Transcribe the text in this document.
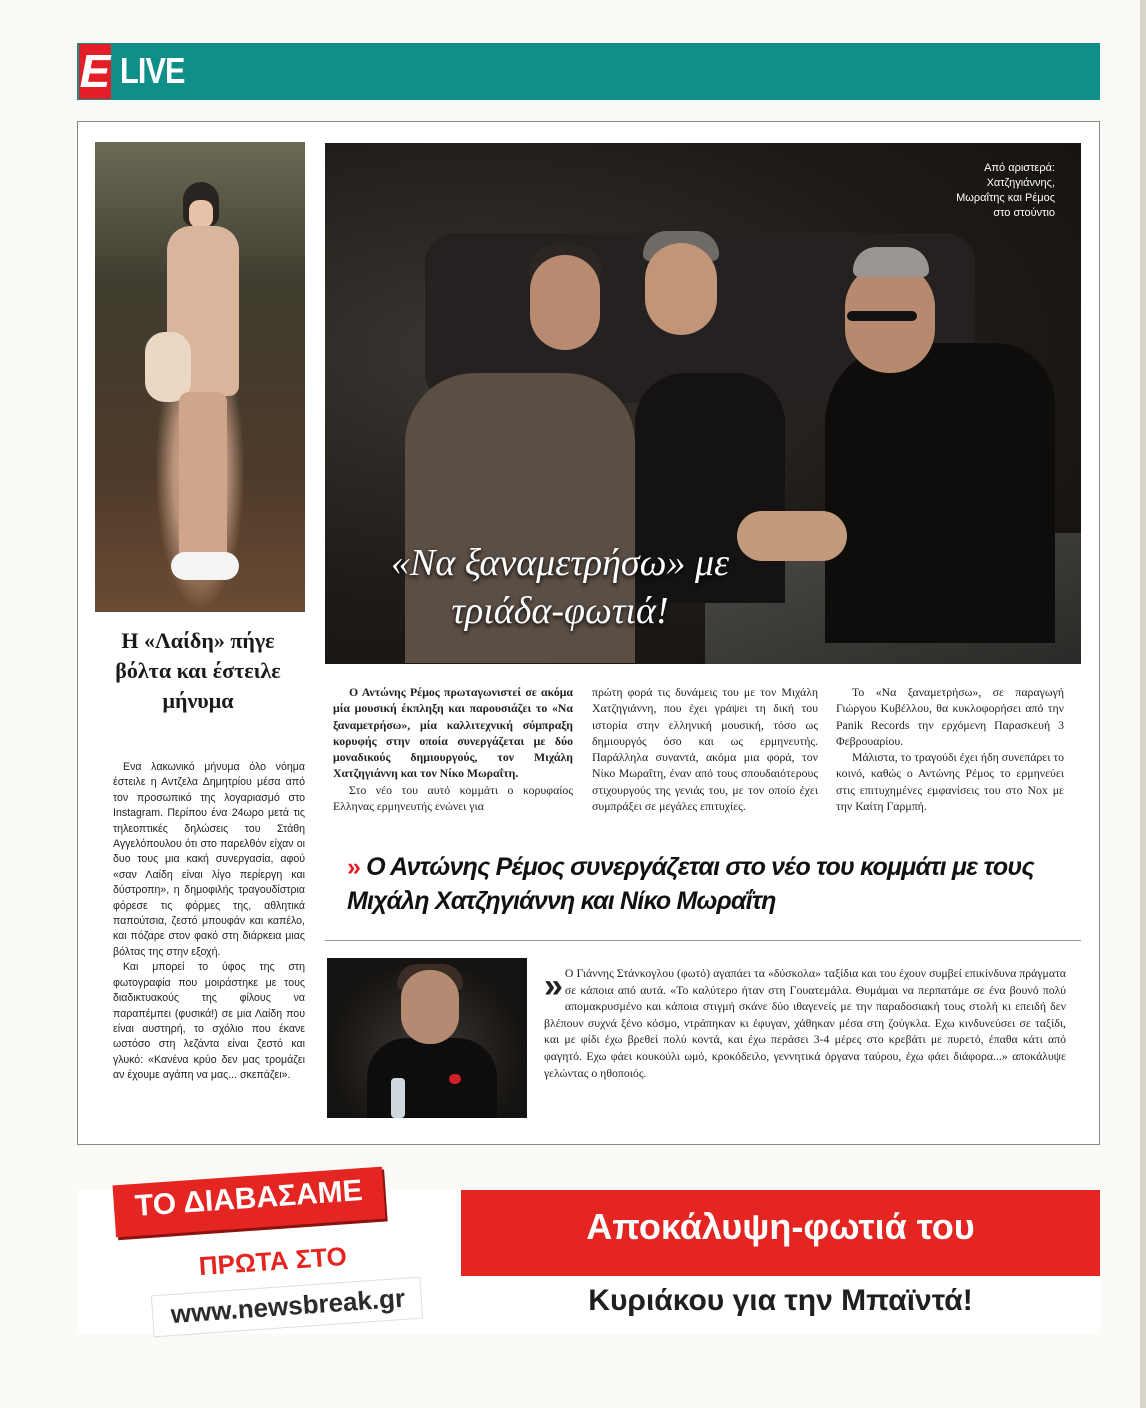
E LIVE
Η «Λαίδη» πήγε βόλτα και έστειλε μήνυμα

Ενα λακωνικό μήνυμα όλο νόημα έστειλε η Αντζελα Δημητρίου μέσα από τον προσωπικό της λογαριασμό στο Instagram. Περίπου ένα 24ωρο μετά τις τηλεοπτικές δηλώσεις του Στάθη Αγγελόπουλου ότι στο παρελθόν είχαν οι δυο τους μια κακή συνεργασία, αφού «σαν Λαίδη είναι λίγο περίεργη και δύστροπη», η δημοφιλής τραγουδίστρια φόρεσε τις φόρμες της, αθλητικά παπούτσια, ζεστό μπουφάν και καπέλο, και πόζαρε στον φακό στη διάρκεια μιας βόλτας της στην εξοχή.

Και μπορεί το ύφος της στη φωτογραφία που μοιράστηκε με τους διαδικτυακούς της φίλους να παραπέμπει (φυσικά!) σε μια Λαίδη που είναι αυστηρή, το σχόλιο που έκανε ωστόσο στη λεζάντα είναι ζεστό και γλυκό: «Κανένα κρύο δεν μας τρομάζει αν έχουμε αγάπη να μας... σκεπάζει».

Από αριστερά: Χατζηγιάννης, Μωραΐτης και Ρέμος στο στούντιο
«Να ξαναμετρήσω» με τριάδα-φωτιά!

Ο Αντώνης Ρέμος πρωταγωνιστεί σε ακόμα μία μουσική έκπληξη και παρουσιάζει το «Να ξαναμετρήσω», μία καλλιτεχνική σύμπραξη κορυφής στην οποία συνεργάζεται με δύο μοναδικούς δημιουργούς, τον Μιχάλη Χατζηγιάννη και τον Νίκο Μωραΐτη.

Στο νέο του αυτό κομμάτι ο κορυφαίος Ελληνας ερμηνευτής ενώνει για

πρώτη φορά τις δυνάμεις του με τον Μιχάλη Χατζηγιάννη, που έχει γράψει τη δική του ιστορία στην ελληνική μουσική, τόσο ως δημιουργός όσο και ως ερμηνευτής. Παράλληλα συναντά, ακόμα μια φορά, τον Νίκο Μωραΐτη, έναν από τους σπουδαιότερους στιχουργούς της γενιάς του, με τον οποίο έχει συμπράξει σε μεγάλες επιτυχίες.

Το «Να ξαναμετρήσω», σε παραγωγή Γιώργου Κυβέλλου, θα κυκλοφορήσει από την Panik Records την ερχόμενη Παρασκευή 3 Φεβρουαρίου.

Μάλιστα, το τραγούδι έχει ήδη συνεπάρει το κοινό, καθώς ο Αντώνης Ρέμος το ερμηνεύει στις επιτυχημένες εμφανίσεις του στο Νοx με την Καίτη Γαρμπή.

» Ο Αντώνης Ρέμος συνεργάζεται στο νέο του κομμάτι με τους Μιχάλη Χατζηγιάννη και Νίκο Μωραΐτη
» Ο Γιάννης Στάνκογλου (φωτό) αγαπάει τα «δύσκολα» ταξίδια και του έχουν συμβεί επικίνδυνα πράγματα σε κάποια από αυτά. «Το καλύτερο ήταν στη Γουατεμάλα. Θυμάμαι να περπατάμε σε ένα βουνό πολύ απομακρυσμένο και κάποια στιγμή σκάνε δύο ιθαγενείς με την παραδοσιακή τους στολή κι επειδή δεν βλέπουν συχνά ξένο κόσμο, ντράπηκαν κι έφυγαν, χάθηκαν μέσα στη ζούγκλα. Εχω κινδυνεύσει σε ταξίδι, και με φίδι έχω βρεθεί πολύ κοντά, και έχω περάσει 3-4 μέρες στο κρεβάτι με πυρετό, έπαθα κάτι από φαγητό. Εχω φάει κουκούλι ωμό, κροκόδειλο, γεννητικά όργανα ταύρου, έχω φάει διάφορα...» αποκάλυψε γελώντας ο ηθοποιός.
ΤΟ ΔΙΑΒΑΣΑΜΕ
ΠΡΩΤΑ ΣΤΟ
www.newsbreak.gr
Αποκάλυψη-φωτιά του
Κυριάκου για την Μπαϊντά!
